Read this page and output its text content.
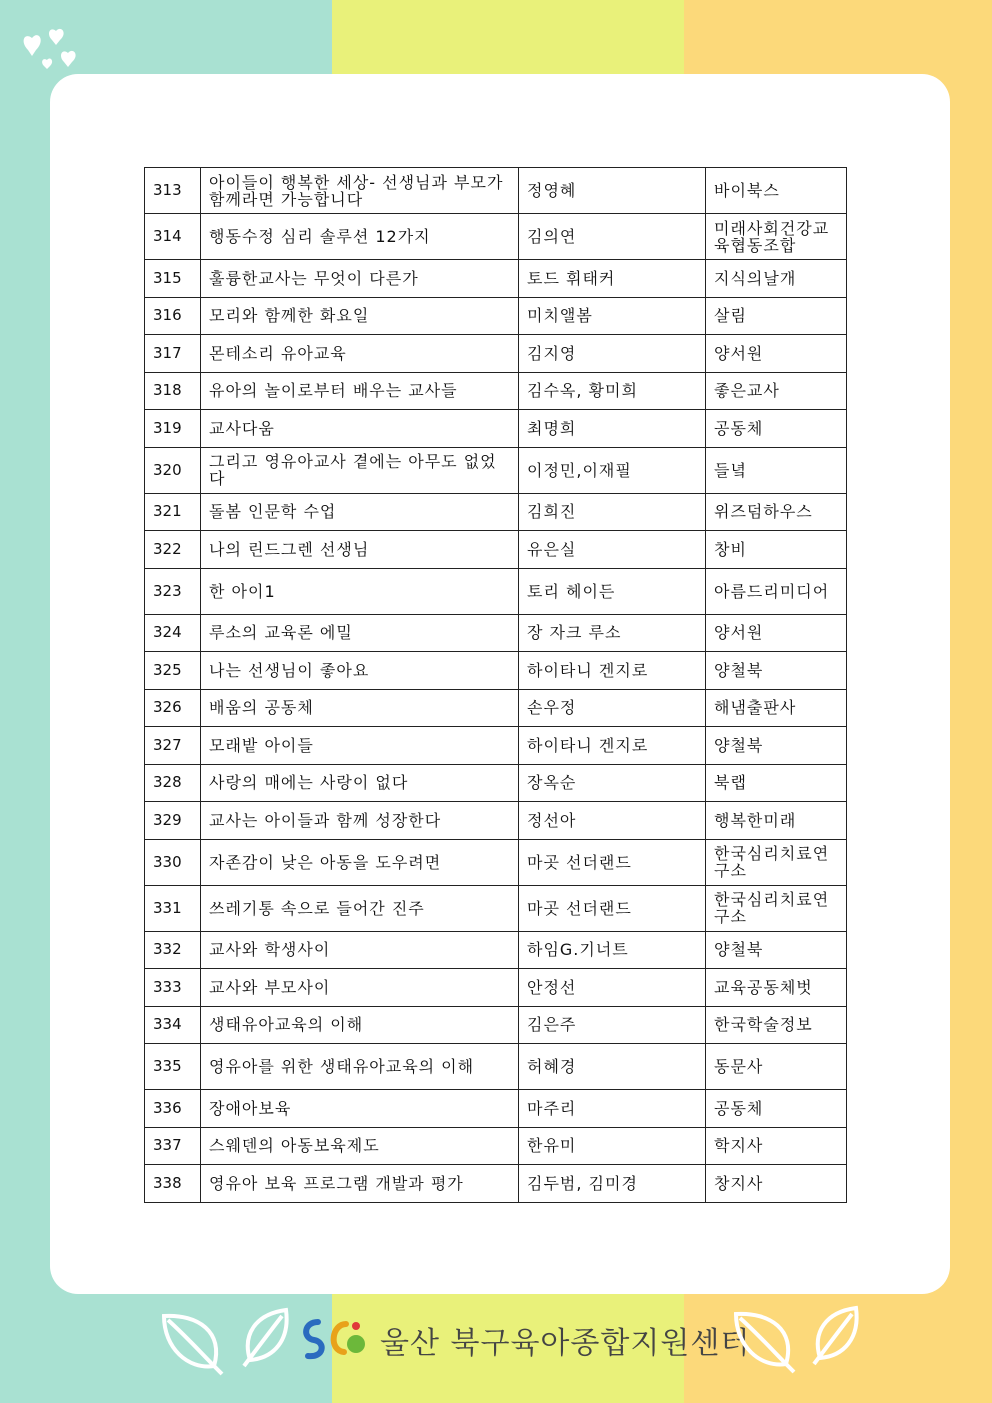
313	아이들이 행복한 세상- 선생님과 부모가 함께라면 가능합니다	정영혜	바이북스
314	행동수정 심리 솔루션 12가지	김의연	미래사회건강교육협동조합
315	훌륭한교사는 무엇이 다른가	토드 휘태커	지식의날개
316	모리와 함께한 화요일	미치앨봄	살림
317	몬테소리 유아교육	김지영	양서원
318	유아의 놀이로부터 배우는 교사들	김수옥, 황미희	좋은교사
319	교사다움	최명희	공동체
320	그리고 영유아교사 곁에는 아무도 없었다	이정민,이재필	들녘
321	돌봄 인문학 수업	김희진	위즈덤하우스
322	나의 린드그렌 선생님	유은실	창비
323	한 아이1	토리 헤이든	아름드리미디어
324	루소의 교육론 에밀	장 자크 루소	양서원
325	나는 선생님이 좋아요	하이타니 겐지로	양철북
326	배움의 공동체	손우정	해냄출판사
327	모래밭 아이들	하이타니 겐지로	양철북
328	사랑의 매에는 사랑이 없다	장옥순	북랩
329	교사는 아이들과 함께 성장한다	정선아	행복한미래
330	자존감이 낮은 아동을 도우려면	마곳 선더랜드	한국심리치료연구소
331	쓰레기통 속으로 들어간 진주	마곳 선더랜드	한국심리치료연구소
332	교사와 학생사이	하임G.기너트	양철북
333	교사와 부모사이	안정선	교육공동체벗
334	생태유아교육의 이해	김은주	한국학술정보
335	영유아를 위한 생태유아교육의 이해	허혜경	동문사
336	장애아보육	마주리	공동체
337	스웨덴의 아동보육제도	한유미	학지사
338	영유아 보육 프로그램 개발과 평가	김두범, 김미경	창지사
울산 북구육아종합지원센터
